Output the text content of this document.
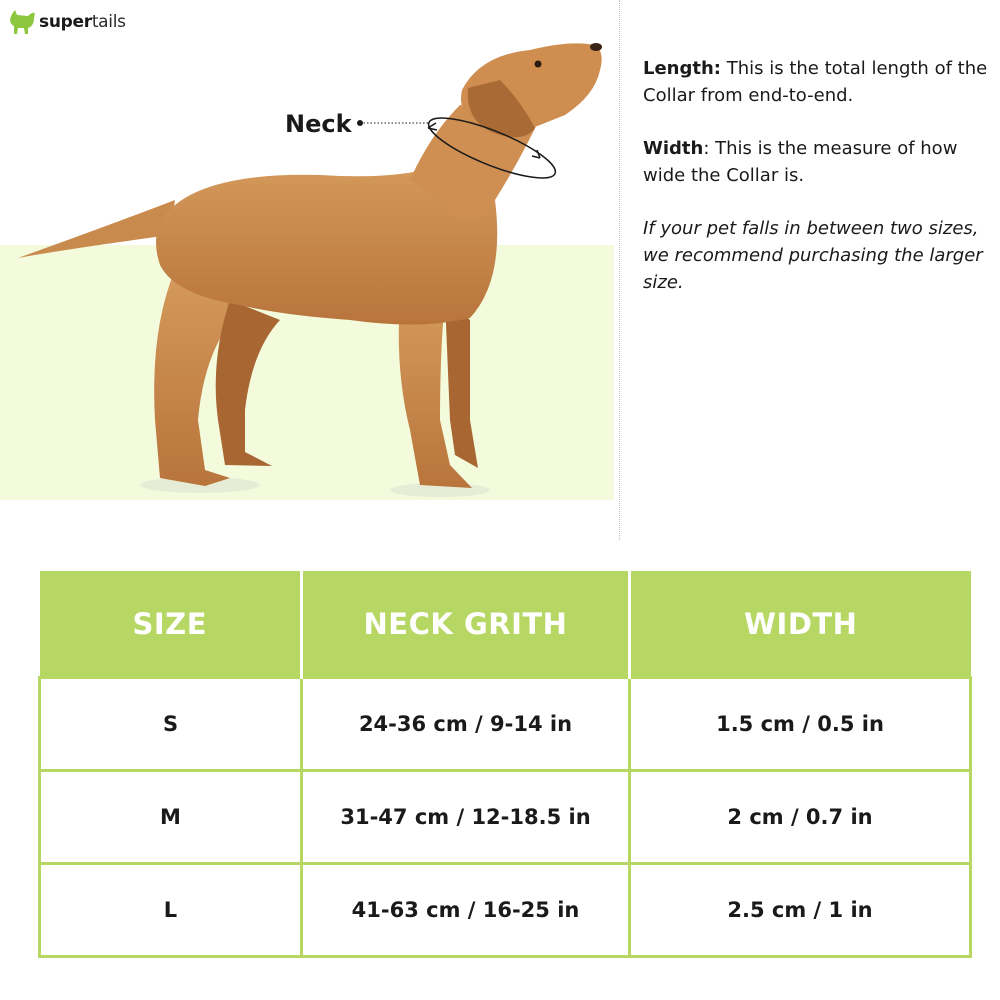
supertails
Neck

Length: This is the total length of the Collar from end-to-end.

Width: This is the measure of how wide the Collar is.

If your pet falls in between two sizes, we recommend purchasing the larger size.

SIZE	NECK GRITH	WIDTH
S	24-36 cm / 9-14 in	1.5 cm / 0.5 in
M	31-47 cm / 12-18.5 in	2 cm / 0.7 in
L	41-63 cm / 16-25 in	2.5 cm / 1 in
